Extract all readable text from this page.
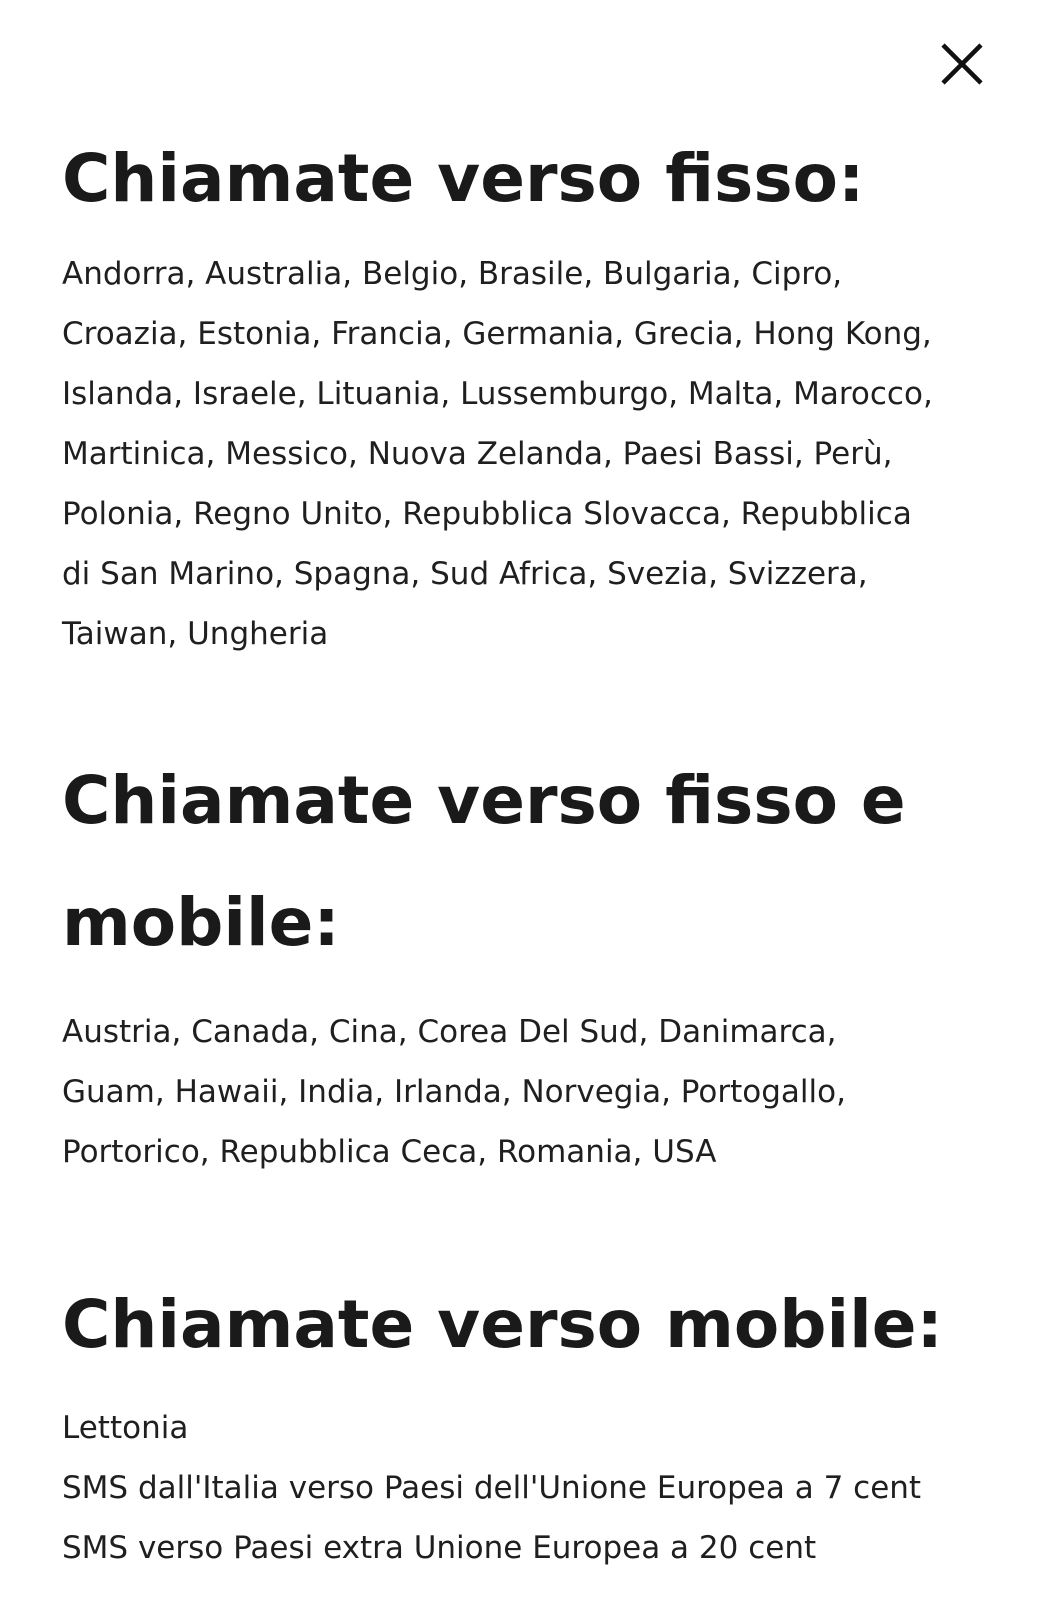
Chiamate verso fisso:

Andorra, Australia, Belgio, Brasile, Bulgaria, Cipro,
Croazia, Estonia, Francia, Germania, Grecia, Hong Kong,
Islanda, Israele, Lituania, Lussemburgo, Malta, Marocco,
Martinica, Messico, Nuova Zelanda, Paesi Bassi, Perù,
Polonia, Regno Unito, Repubblica Slovacca, Repubblica
di San Marino, Spagna, Sud Africa, Svezia, Svizzera,
Taiwan, Ungheria

Chiamate verso fisso e
mobile:

Austria, Canada, Cina, Corea Del Sud, Danimarca,
Guam, Hawaii, India, Irlanda, Norvegia, Portogallo,
Portorico, Repubblica Ceca, Romania, USA

Chiamate verso mobile:

Lettonia
SMS dall'Italia verso Paesi dell'Unione Europea a 7 cent
SMS verso Paesi extra Unione Europea a 20 cent
